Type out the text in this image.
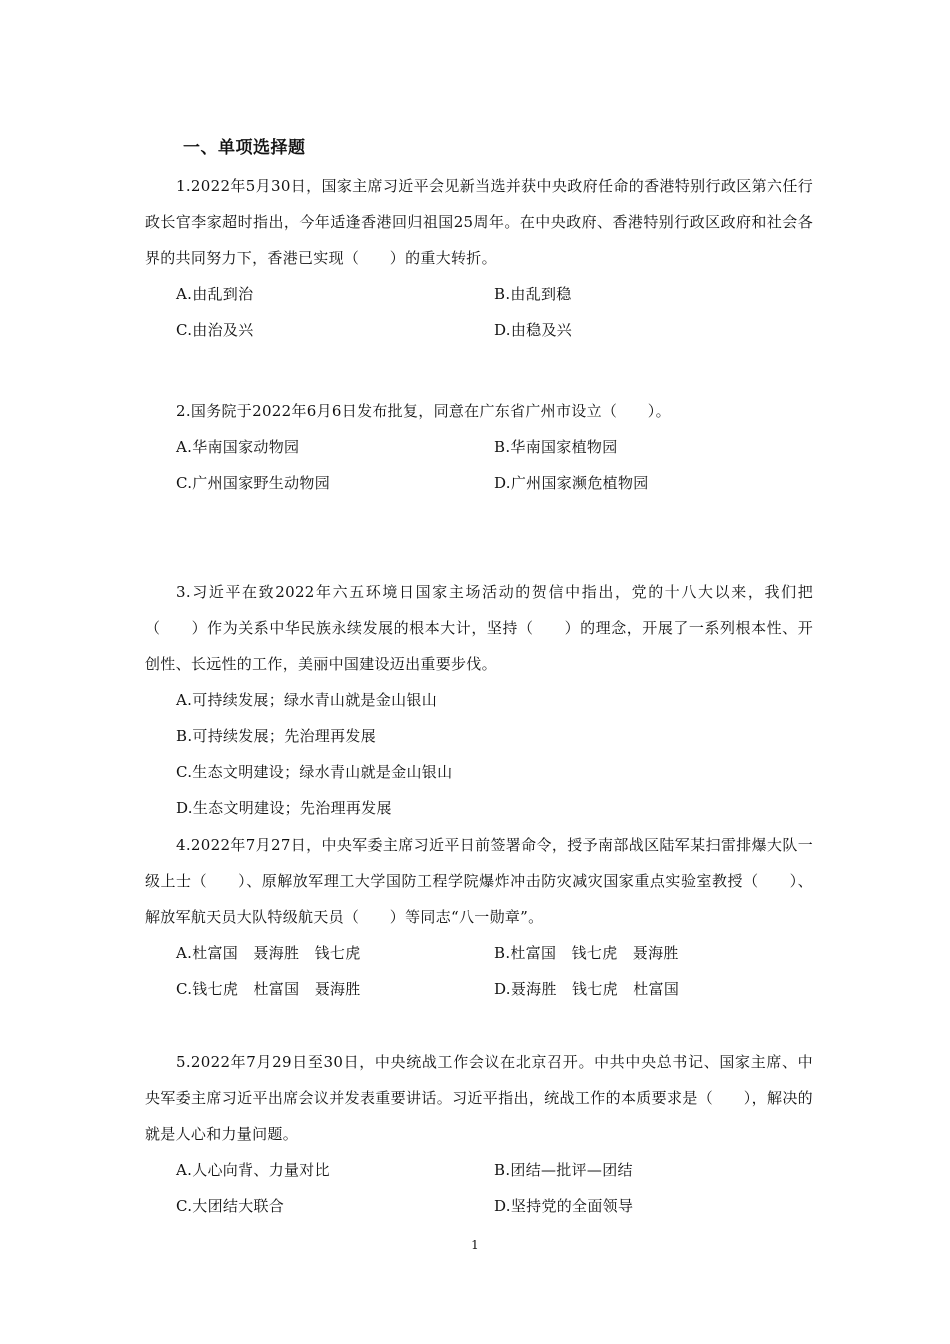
一、单项选择题

1.2022年5月30日，国家主席习近平会见新当选并获中央政府任命的香港特别行政区第六任行政长官李家超时指出，今年适逢香港回归祖国25周年。在中央政府、香港特别行政区政府和社会各界的共同努力下，香港已实现（　　）的重大转折。

A.由乱到治	B.由乱到稳
C.由治及兴	D.由稳及兴

2.国务院于2022年6月6日发布批复，同意在广东省广州市设立（　　）。

A.华南国家动物园	B.华南国家植物园
C.广州国家野生动物园	D.广州国家濒危植物园

3.习近平在致2022年六五环境日国家主场活动的贺信中指出，党的十八大以来，我们把（　　）作为关系中华民族永续发展的根本大计，坚持（　　）的理念，开展了一系列根本性、开创性、长远性的工作，美丽中国建设迈出重要步伐。

A.可持续发展；绿水青山就是金山银山
B.可持续发展；先治理再发展
C.生态文明建设；绿水青山就是金山银山
D.生态文明建设；先治理再发展

4.2022年7月27日，中央军委主席习近平日前签署命令，授予南部战区陆军某扫雷排爆大队一级上士（　　）、原解放军理工大学国防工程学院爆炸冲击防灾减灾国家重点实验室教授（　　）、解放军航天员大队特级航天员（　　）等同志“八一勋章”。

A.杜富国　聂海胜　钱七虎	B.杜富国　钱七虎　聂海胜
C.钱七虎　杜富国　聂海胜	D.聂海胜　钱七虎　杜富国

5.2022年7月29日至30日，中央统战工作会议在北京召开。中共中央总书记、国家主席、中央军委主席习近平出席会议并发表重要讲话。习近平指出，统战工作的本质要求是（　　），解决的就是人心和力量问题。

A.人心向背、力量对比	B.团结—批评—团结
C.大团结大联合	D.坚持党的全面领导
1
